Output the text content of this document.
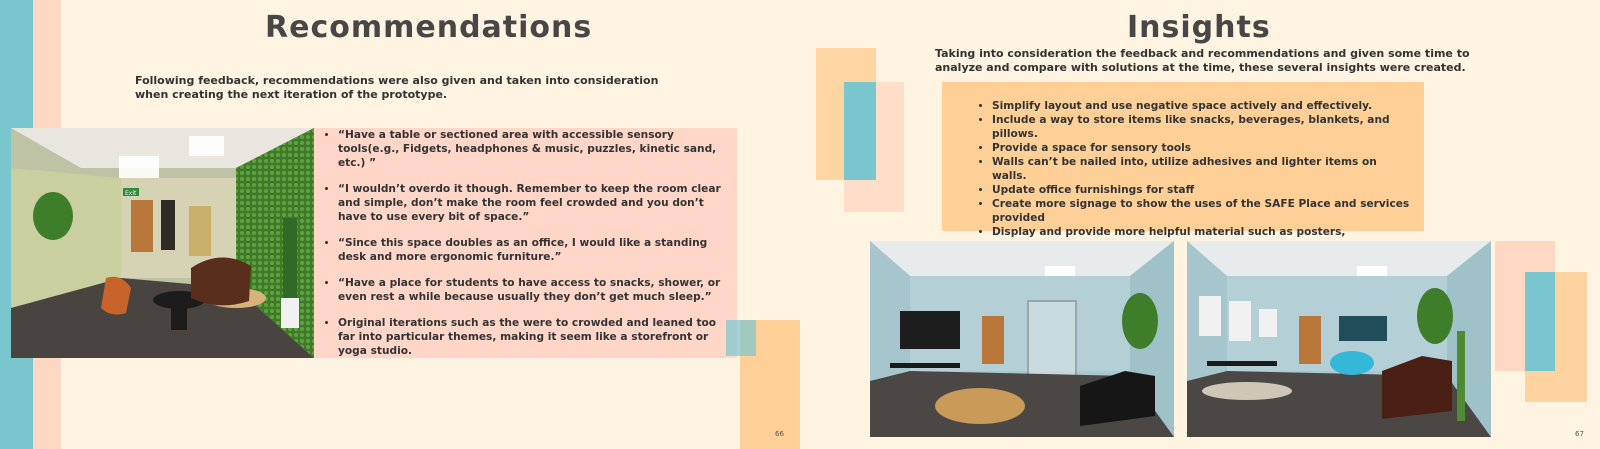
Recommendations
Following feedback, recommendations were also given and taken into consideration when creating the next iteration of the prototype.
Exit
• “Have a table or sectioned area with accessible sensory tools(e.g., Fidgets, headphones & music, puzzles, kinetic sand, etc.) ”
• “I wouldn’t overdo it though. Remember to keep the room clear and simple, don’t make the room feel crowded and you don’t have to use every bit of space.”
• “Since this space doubles as an office, I would like a standing desk and more ergonomic furniture.”
• “Have a place for students to have access to snacks, shower, or even rest a while because usually they don’t get much sleep.”
• Original iterations such as the were to crowded and leaned too far into particular themes, making it seem like a storefront or yoga studio.
66
Insights
Taking into consideration the feedback and recommendations and given some time to analyze and compare with solutions at the time, these several insights were created.
• Simplify layout and use negative space actively and effectively.
• Include a way to store items like snacks, beverages, blankets, and pillows.
• Provide a space for sensory tools
• Walls can’t be nailed into, utilize adhesives and lighter items on walls.
• Update office furnishings for staff
• Create more signage to show the uses of the SAFE Place and services provided
• Display and provide more helpful material such as posters,
67
